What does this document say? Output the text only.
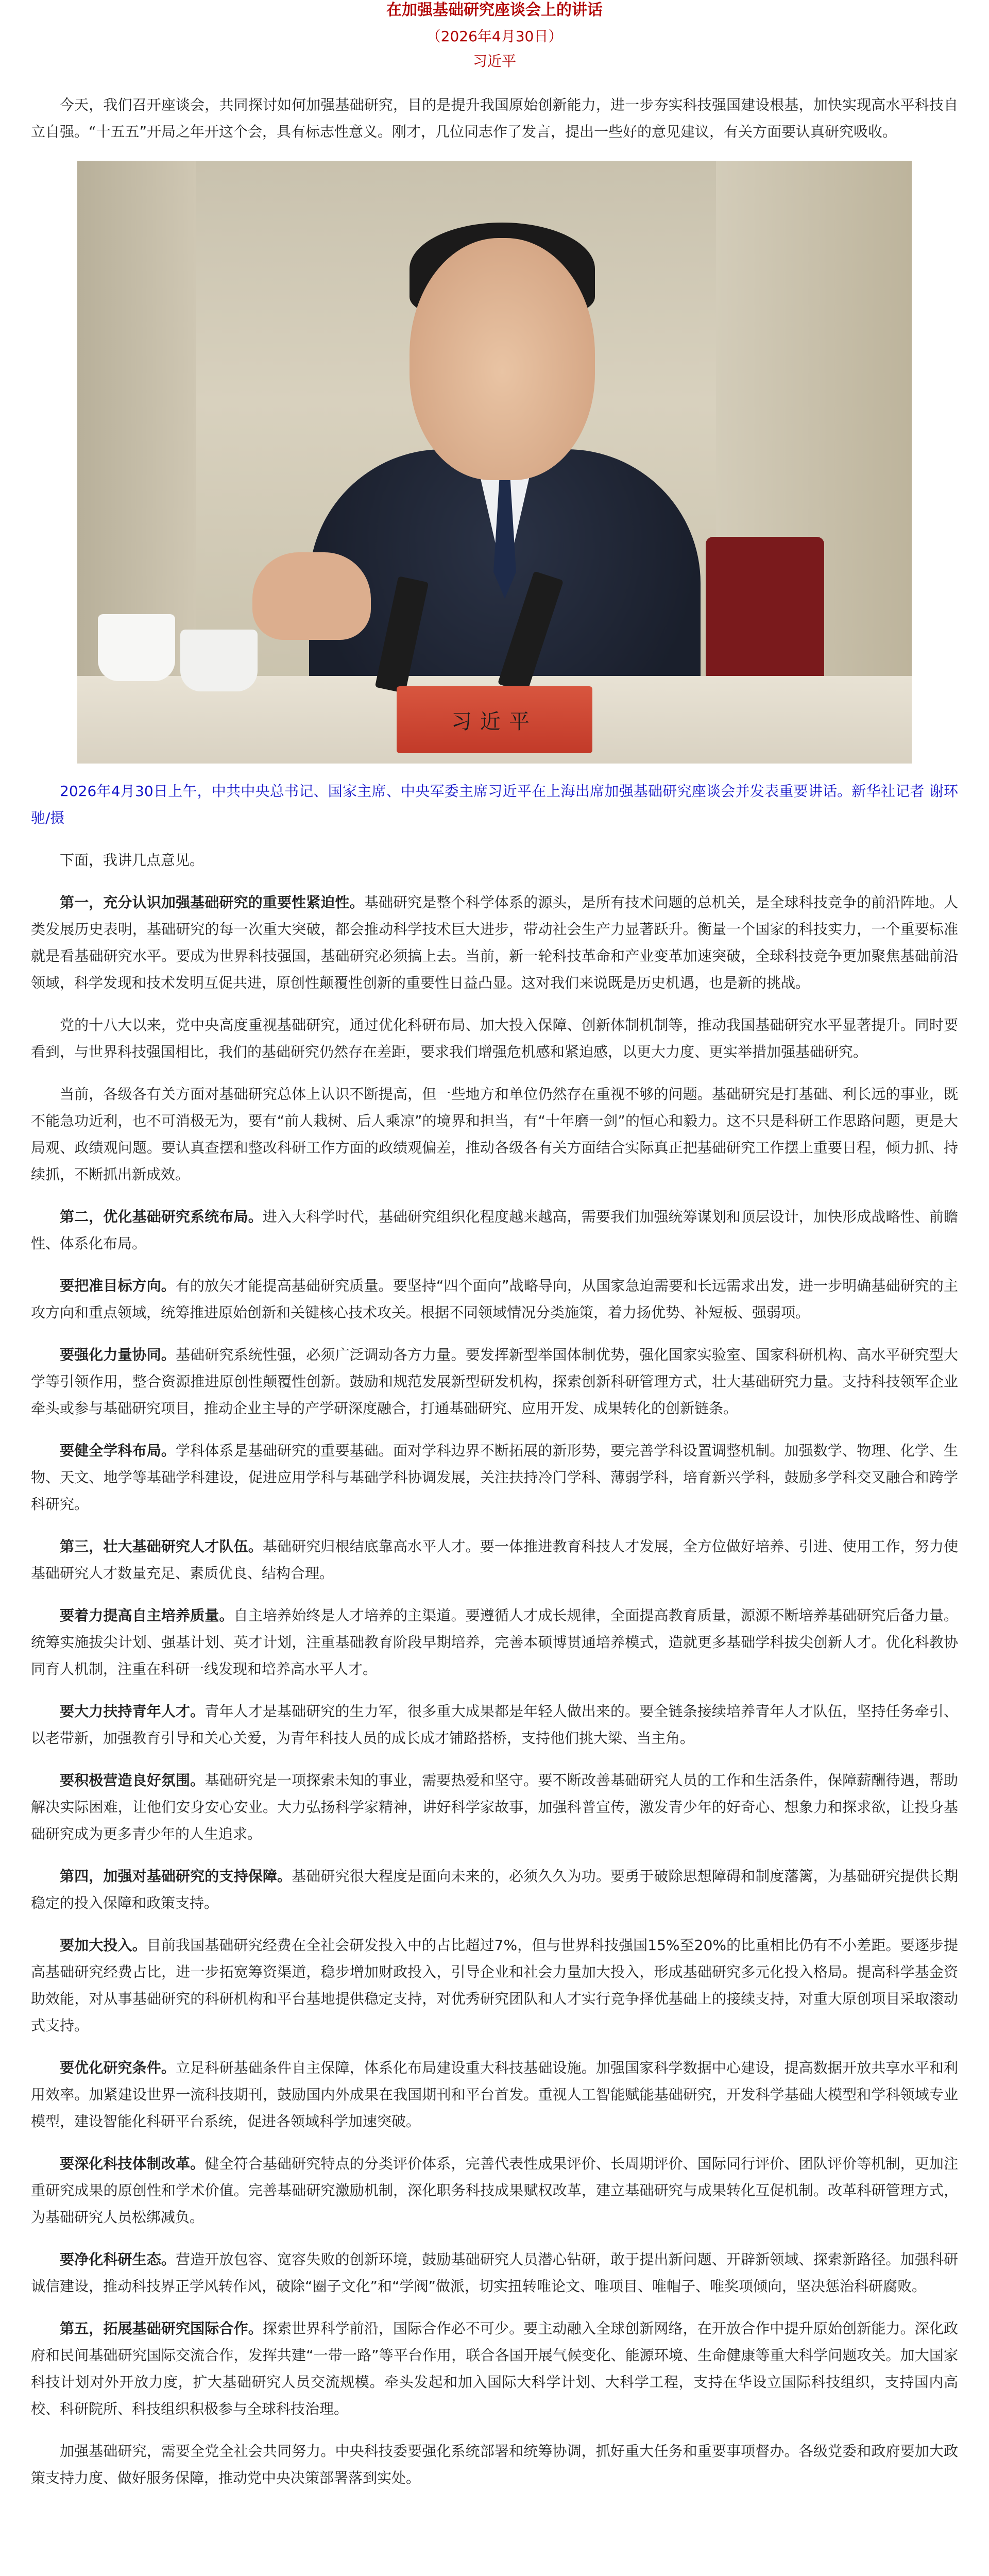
在加强基础研究座谈会上的讲话
（2026年4月30日）
习近平

今天，我们召开座谈会，共同探讨如何加强基础研究，目的是提升我国原始创新能力，进一步夯实科技强国建设根基，加快实现高水平科技自立自强。“十五五”开局之年开这个会，具有标志性意义。刚才，几位同志作了发言，提出一些好的意见建议，有关方面要认真研究吸收。

习近平

2026年4月30日上午，中共中央总书记、国家主席、中央军委主席习近平在上海出席加强基础研究座谈会并发表重要讲话。新华社记者 谢环驰/摄

下面，我讲几点意见。

第一，充分认识加强基础研究的重要性紧迫性。基础研究是整个科学体系的源头，是所有技术问题的总机关，是全球科技竞争的前沿阵地。人类发展历史表明，基础研究的每一次重大突破，都会推动科学技术巨大进步，带动社会生产力显著跃升。衡量一个国家的科技实力，一个重要标准就是看基础研究水平。要成为世界科技强国，基础研究必须搞上去。当前，新一轮科技革命和产业变革加速突破，全球科技竞争更加聚焦基础前沿领域，科学发现和技术发明互促共进，原创性颠覆性创新的重要性日益凸显。这对我们来说既是历史机遇，也是新的挑战。

党的十八大以来，党中央高度重视基础研究，通过优化科研布局、加大投入保障、创新体制机制等，推动我国基础研究水平显著提升。同时要看到，与世界科技强国相比，我们的基础研究仍然存在差距，要求我们增强危机感和紧迫感，以更大力度、更实举措加强基础研究。

当前，各级各有关方面对基础研究总体上认识不断提高，但一些地方和单位仍然存在重视不够的问题。基础研究是打基础、利长远的事业，既不能急功近利，也不可消极无为，要有“前人栽树、后人乘凉”的境界和担当，有“十年磨一剑”的恒心和毅力。这不只是科研工作思路问题，更是大局观、政绩观问题。要认真查摆和整改科研工作方面的政绩观偏差，推动各级各有关方面结合实际真正把基础研究工作摆上重要日程，倾力抓、持续抓，不断抓出新成效。

第二，优化基础研究系统布局。进入大科学时代，基础研究组织化程度越来越高，需要我们加强统筹谋划和顶层设计，加快形成战略性、前瞻性、体系化布局。

要把准目标方向。有的放矢才能提高基础研究质量。要坚持“四个面向”战略导向，从国家急迫需要和长远需求出发，进一步明确基础研究的主攻方向和重点领域，统筹推进原始创新和关键核心技术攻关。根据不同领域情况分类施策，着力扬优势、补短板、强弱项。

要强化力量协同。基础研究系统性强，必须广泛调动各方力量。要发挥新型举国体制优势，强化国家实验室、国家科研机构、高水平研究型大学等引领作用，整合资源推进原创性颠覆性创新。鼓励和规范发展新型研发机构，探索创新科研管理方式，壮大基础研究力量。支持科技领军企业牵头或参与基础研究项目，推动企业主导的产学研深度融合，打通基础研究、应用开发、成果转化的创新链条。

要健全学科布局。学科体系是基础研究的重要基础。面对学科边界不断拓展的新形势，要完善学科设置调整机制。加强数学、物理、化学、生物、天文、地学等基础学科建设，促进应用学科与基础学科协调发展，关注扶持冷门学科、薄弱学科，培育新兴学科，鼓励多学科交叉融合和跨学科研究。

第三，壮大基础研究人才队伍。基础研究归根结底靠高水平人才。要一体推进教育科技人才发展，全方位做好培养、引进、使用工作，努力使基础研究人才数量充足、素质优良、结构合理。

要着力提高自主培养质量。自主培养始终是人才培养的主渠道。要遵循人才成长规律，全面提高教育质量，源源不断培养基础研究后备力量。统筹实施拔尖计划、强基计划、英才计划，注重基础教育阶段早期培养，完善本硕博贯通培养模式，造就更多基础学科拔尖创新人才。优化科教协同育人机制，注重在科研一线发现和培养高水平人才。

要大力扶持青年人才。青年人才是基础研究的生力军，很多重大成果都是年轻人做出来的。要全链条接续培养青年人才队伍，坚持任务牵引、以老带新，加强教育引导和关心关爱，为青年科技人员的成长成才铺路搭桥，支持他们挑大梁、当主角。

要积极营造良好氛围。基础研究是一项探索未知的事业，需要热爱和坚守。要不断改善基础研究人员的工作和生活条件，保障薪酬待遇，帮助解决实际困难，让他们安身安心安业。大力弘扬科学家精神，讲好科学家故事，加强科普宣传，激发青少年的好奇心、想象力和探求欲，让投身基础研究成为更多青少年的人生追求。

第四，加强对基础研究的支持保障。基础研究很大程度是面向未来的，必须久久为功。要勇于破除思想障碍和制度藩篱，为基础研究提供长期稳定的投入保障和政策支持。

要加大投入。目前我国基础研究经费在全社会研发投入中的占比超过7%，但与世界科技强国15%至20%的比重相比仍有不小差距。要逐步提高基础研究经费占比，进一步拓宽筹资渠道，稳步增加财政投入，引导企业和社会力量加大投入，形成基础研究多元化投入格局。提高科学基金资助效能，对从事基础研究的科研机构和平台基地提供稳定支持，对优秀研究团队和人才实行竞争择优基础上的接续支持，对重大原创项目采取滚动式支持。

要优化研究条件。立足科研基础条件自主保障，体系化布局建设重大科技基础设施。加强国家科学数据中心建设，提高数据开放共享水平和利用效率。加紧建设世界一流科技期刊，鼓励国内外成果在我国期刊和平台首发。重视人工智能赋能基础研究，开发科学基础大模型和学科领域专业模型，建设智能化科研平台系统，促进各领域科学加速突破。

要深化科技体制改革。健全符合基础研究特点的分类评价体系，完善代表性成果评价、长周期评价、国际同行评价、团队评价等机制，更加注重研究成果的原创性和学术价值。完善基础研究激励机制，深化职务科技成果赋权改革，建立基础研究与成果转化互促机制。改革科研管理方式，为基础研究人员松绑减负。

要净化科研生态。营造开放包容、宽容失败的创新环境，鼓励基础研究人员潜心钻研，敢于提出新问题、开辟新领域、探索新路径。加强科研诚信建设，推动科技界正学风转作风，破除“圈子文化”和“学阀”做派，切实扭转唯论文、唯项目、唯帽子、唯奖项倾向，坚决惩治科研腐败。

第五，拓展基础研究国际合作。探索世界科学前沿，国际合作必不可少。要主动融入全球创新网络，在开放合作中提升原始创新能力。深化政府和民间基础研究国际交流合作，发挥共建“一带一路”等平台作用，联合各国开展气候变化、能源环境、生命健康等重大科学问题攻关。加大国家科技计划对外开放力度，扩大基础研究人员交流规模。牵头发起和加入国际大科学计划、大科学工程，支持在华设立国际科技组织，支持国内高校、科研院所、科技组织积极参与全球科技治理。

加强基础研究，需要全党全社会共同努力。中央科技委要强化系统部署和统筹协调，抓好重大任务和重要事项督办。各级党委和政府要加大政策支持力度、做好服务保障，推动党中央决策部署落到实处。
